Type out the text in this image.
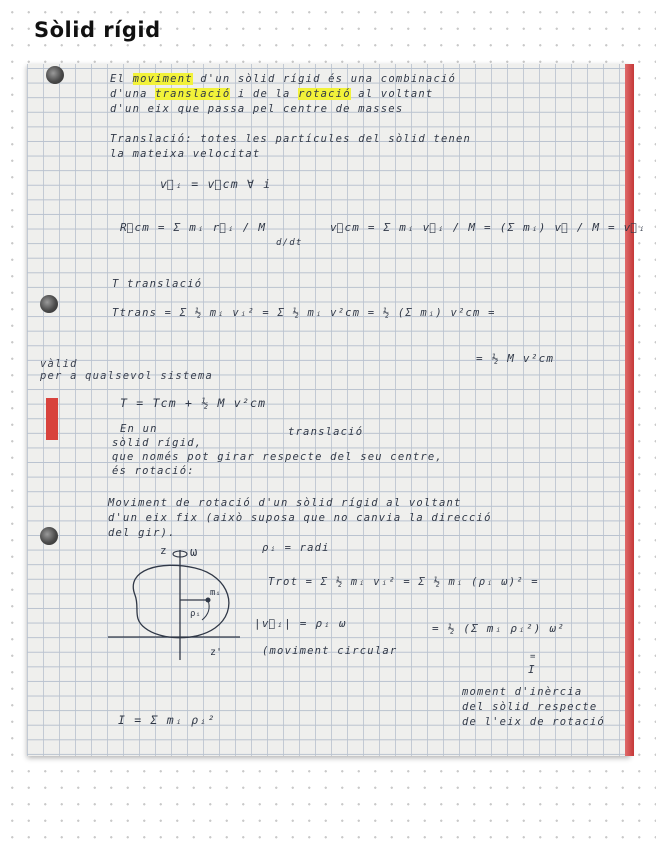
Sòlid rígid
El moviment d'un sòlid rígid és una combinació
d'una translació i de la rotació al voltant
d'un eix que passa pel centre de masses
Translació: totes les partícules del sòlid tenen
la mateixa velocitat
v⃗ᵢ = v⃗cm ∀ i
R⃗cm = Σ mᵢ r⃗ᵢ / M
d/dt
v⃗cm = Σ mᵢ v⃗ᵢ / M = (Σ mᵢ) v⃗ / M = v⃗ᵢ
T translació
Ttrans = Σ ½ mᵢ vᵢ² = Σ ½ mᵢ v²cm = ½ (Σ mᵢ) v²cm =
= ½ M v²cm
vàlid
per a qualsevol sistema
T = Tcm + ½ M v²cm
En un	translació
sòlid rígid,
que només pot girar respecte del seu centre,
és rotació:
Moviment de rotació d'un sòlid rígid al voltant
d'un eix fix (això suposa que no canvia la direcció
del gir).
ρᵢ = radi
Trot = Σ ½ mᵢ vᵢ² = Σ ½ mᵢ (ρᵢ ω)² =
|v⃗ᵢ| = ρᵢ ω	= ½ (Σ mᵢ ρᵢ²) ω²
(moviment circular	=
I
moment d'inèrcia
del sòlid respecte
de l'eix de rotació
I = Σ mᵢ ρᵢ²
z ω
mᵢ
ρᵢ
z'
